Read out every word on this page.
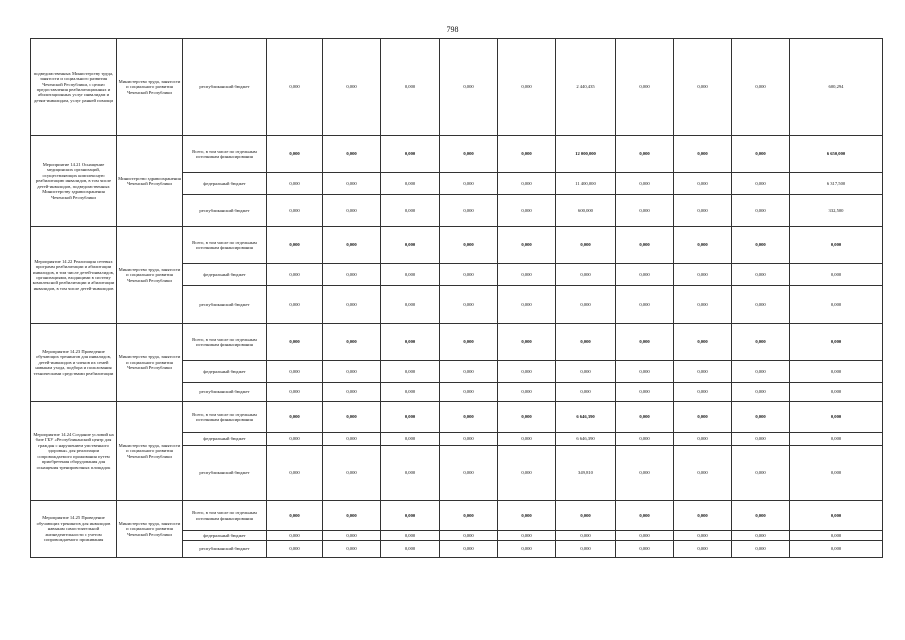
798
подведомственных Министерству труда, занятости и социального развития Чеченской Республики, с целью предоставления реабилитационных и абилитационных услуг инвалидам и детям-инвалидам, услуг ранней помощи	Министерство труда, занятости и социального развития Чеченской Республики	республиканский бюджет	0,000	0,000	0,000	0,000	0,000	2 440,435	0,000	0,000	0,000	600,294	
Мероприятие 14.21 Оснащение медицинских организаций, осуществляющих комплексную реабилитацию инвалидов, в том числе детей-инвалидов, подведомственных Министерству здравоохранения Чеченской Республики	Министерство здравоохранения Чеченской Республики	Всего, в том числе по отдельным источникам финансирования	0,000	0,000	0,000	0,000	0,000	12 000,000	0,000	0,000	0,000	6 650,000	
		федеральный бюджет	0,000	0,000	0,000	0,000	0,000	11 400,000	0,000	0,000	0,000	6 317,500	
		республиканский бюджет	0,000	0,000	0,000	0,000	0,000	600,000	0,000	0,000	0,000	332,500	
Мероприятие 14.22 Реализация сетевых программ реабилитации и абилитации инвалидов, в том числе детей-инвалидов, организациями, входящими в систему комплексной реабилитации и абилитации инвалидов, в том числе детей-инвалидов	Министерство труда, занятости и социального развития Чеченской Республики	Всего, в том числе по отдельным источникам финансирования	0,000	0,000	0,000	0,000	0,000	0,000	0,000	0,000	0,000	0,000	
		федеральный бюджет	0,000	0,000	0,000	0,000	0,000	0,000	0,000	0,000	0,000	0,000	
		республиканский бюджет	0,000	0,000	0,000	0,000	0,000	0,000	0,000	0,000	0,000	0,000	
Мероприятие 14.23 Проведение обучающих тренингов для инвалидов, детей-инвалидов и членов их семей навыкам ухода, подбора и пользования техническими средствами реабилитации	Министерство труда, занятости и социального развития Чеченской Республики	Всего, в том числе по отдельным источникам финансирования	0,000	0,000	0,000	0,000	0,000	0,000	0,000	0,000	0,000	0,000	
		федеральный бюджет	0,000	0,000	0,000	0,000	0,000	0,000	0,000	0,000	0,000	0,000	
		республиканский бюджет	0,000	0,000	0,000	0,000	0,000	0,000	0,000	0,000	0,000	0,000	
Мероприятие 14.24 Создание условий на базе ГБУ «Республиканский центр для граждан с нарушением умственного здоровья» для реализации сопровождаемого проживания путем приобретения оборудования для оснащения тренировочных площадок	Министерство труда, занятости и социального развития Чеченской Республики	Всего, в том числе по отдельным источникам финансирования	0,000	0,000	0,000	0,000	0,000	6 646,390	0,000	0,000	0,000	0,000	
		федеральный бюджет	0,000	0,000	0,000	0,000	0,000	6 646,390	0,000	0,000	0,000	0,000	
		республиканский бюджет	0,000	0,000	0,000	0,000	0,000	349,810	0,000	0,000	0,000	0,000	
Мероприятие 14.25 Проведение обучающих тренингов для инвалидов навыкам самостоятельной жизнедеятельности с учетом сопровождаемого проживания	Министерство труда, занятости и социального развития Чеченской Республики	Всего, в том числе по отдельным источникам финансирования	0,000	0,000	0,000	0,000	0,000	0,000	0,000	0,000	0,000	0,000	
		федеральный бюджет	0,000	0,000	0,000	0,000	0,000	0,000	0,000	0,000	0,000	0,000	
		республиканский бюджет	0,000	0,000	0,000	0,000	0,000	0,000	0,000	0,000	0,000	0,000	
